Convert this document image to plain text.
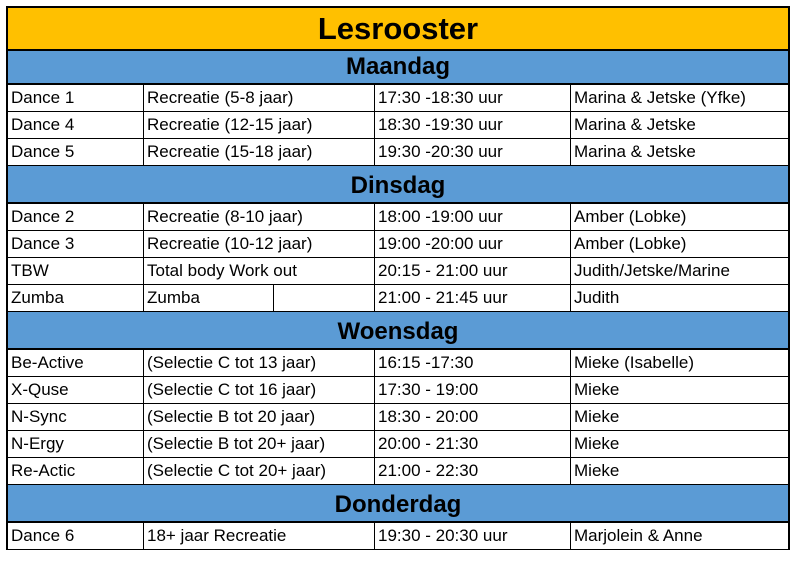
Lesrooster
Maandag
Dance 1	Recreatie (5-8 jaar)	17:30 -18:30 uur	Marina & Jetske (Yfke)
Dance 4	Recreatie (12-15 jaar)	18:30 -19:30 uur	Marina & Jetske
Dance 5	Recreatie (15-18 jaar)	19:30 -20:30 uur	Marina & Jetske
Dinsdag
Dance 2	Recreatie (8-10 jaar)	18:00 -19:00 uur	Amber (Lobke)
Dance 3	Recreatie (10-12 jaar)	19:00 -20:00 uur	Amber (Lobke)
TBW	Total body Work out	20:15 - 21:00 uur	Judith/Jetske/Marine
Zumba	Zumba	21:00 - 21:45 uur	Judith
Woensdag
Be-Active	(Selectie C tot 13 jaar)	16:15 -17:30	Mieke (Isabelle)
X-Quse	(Selectie C tot 16 jaar)	17:30 - 19:00	Mieke
N-Sync	(Selectie B tot 20 jaar)	18:30 - 20:00	Mieke
N-Ergy	(Selectie B tot 20+ jaar)	20:00 - 21:30	Mieke
Re-Actic	(Selectie C tot 20+ jaar)	21:00 - 22:30	Mieke
Donderdag
Dance 6	18+ jaar Recreatie	19:30 - 20:30 uur	Marjolein & Anne
